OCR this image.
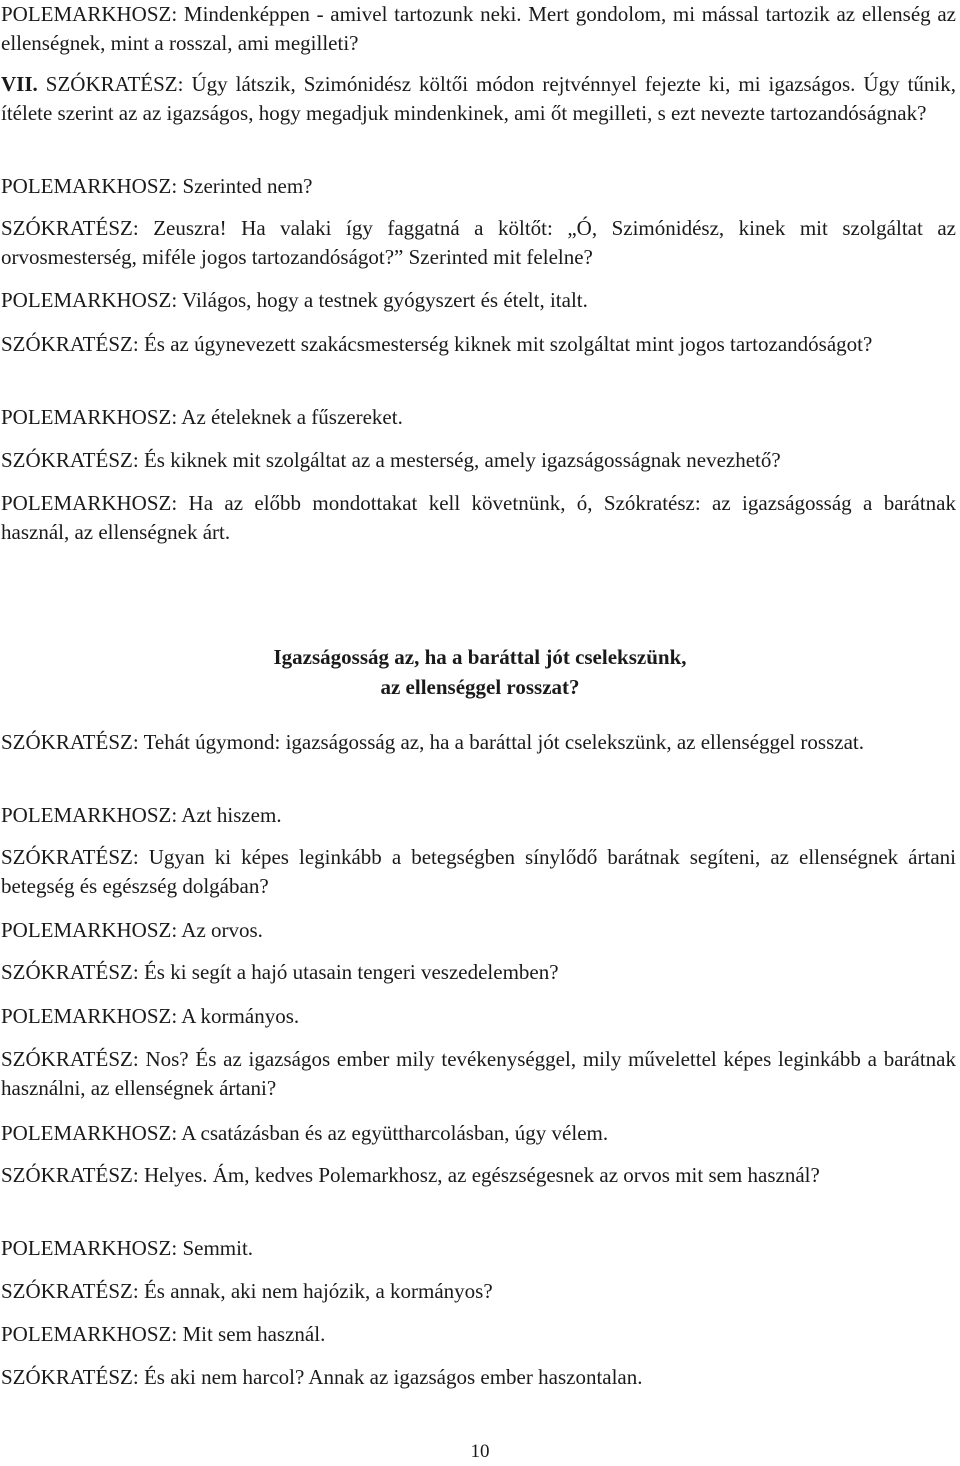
POLEMARKHOSZ: Mindenképpen - amivel tartozunk neki. Mert gondolom, mi mással tartozik az ellenség az ellenségnek, mint a rosszal, ami megilleti?

VII. SZÓKRATÉSZ: Úgy látszik, Szimónidész költői módon rejtvénnyel fejezte ki, mi igazságos. Úgy tűnik, ítélete szerint az az igazságos, hogy megadjuk mindenkinek, ami őt megilleti, s ezt nevezte tartozandóságnak?

POLEMARKHOSZ: Szerinted nem?

SZÓKRATÉSZ: Zeuszra! Ha valaki így faggatná a költőt: „Ó, Szimónidész, kinek mit szolgáltat az orvosmesterség, miféle jogos tartozandóságot?” Szerinted mit felelne?

POLEMARKHOSZ: Világos, hogy a testnek gyógyszert és ételt, italt.

SZÓKRATÉSZ: És az úgynevezett szakácsmesterség kiknek mit szolgáltat mint jogos tartozandóságot?

POLEMARKHOSZ: Az ételeknek a fűszereket.

SZÓKRATÉSZ: És kiknek mit szolgáltat az a mesterség, amely igazságosságnak nevezhető?

POLEMARKHOSZ: Ha az előbb mondottakat kell követnünk, ó, Szókratész: az igazságosság a barátnak használ, az ellenségnek árt.

Igazságosság az, ha a baráttal jót cselekszünk,

az ellenséggel rosszat?

SZÓKRATÉSZ: Tehát úgymond: igazságosság az, ha a baráttal jót cselekszünk, az ellenséggel rosszat.

POLEMARKHOSZ: Azt hiszem.

SZÓKRATÉSZ: Ugyan ki képes leginkább a betegségben sínylődő barátnak segíteni, az ellenségnek ártani betegség és egészség dolgában?

POLEMARKHOSZ: Az orvos.

SZÓKRATÉSZ: És ki segít a hajó utasain tengeri veszedelemben?

POLEMARKHOSZ: A kormányos.

SZÓKRATÉSZ: Nos? És az igazságos ember mily tevékenységgel, mily művelettel képes leginkább a barátnak használni, az ellenségnek ártani?

POLEMARKHOSZ: A csatázásban és az együttharcolásban, úgy vélem.

SZÓKRATÉSZ: Helyes. Ám, kedves Polemarkhosz, az egészségesnek az orvos mit sem használ?

POLEMARKHOSZ: Semmit.

SZÓKRATÉSZ: És annak, aki nem hajózik, a kormányos?

POLEMARKHOSZ: Mit sem használ.

SZÓKRATÉSZ: És aki nem harcol? Annak az igazságos ember haszontalan.

10
